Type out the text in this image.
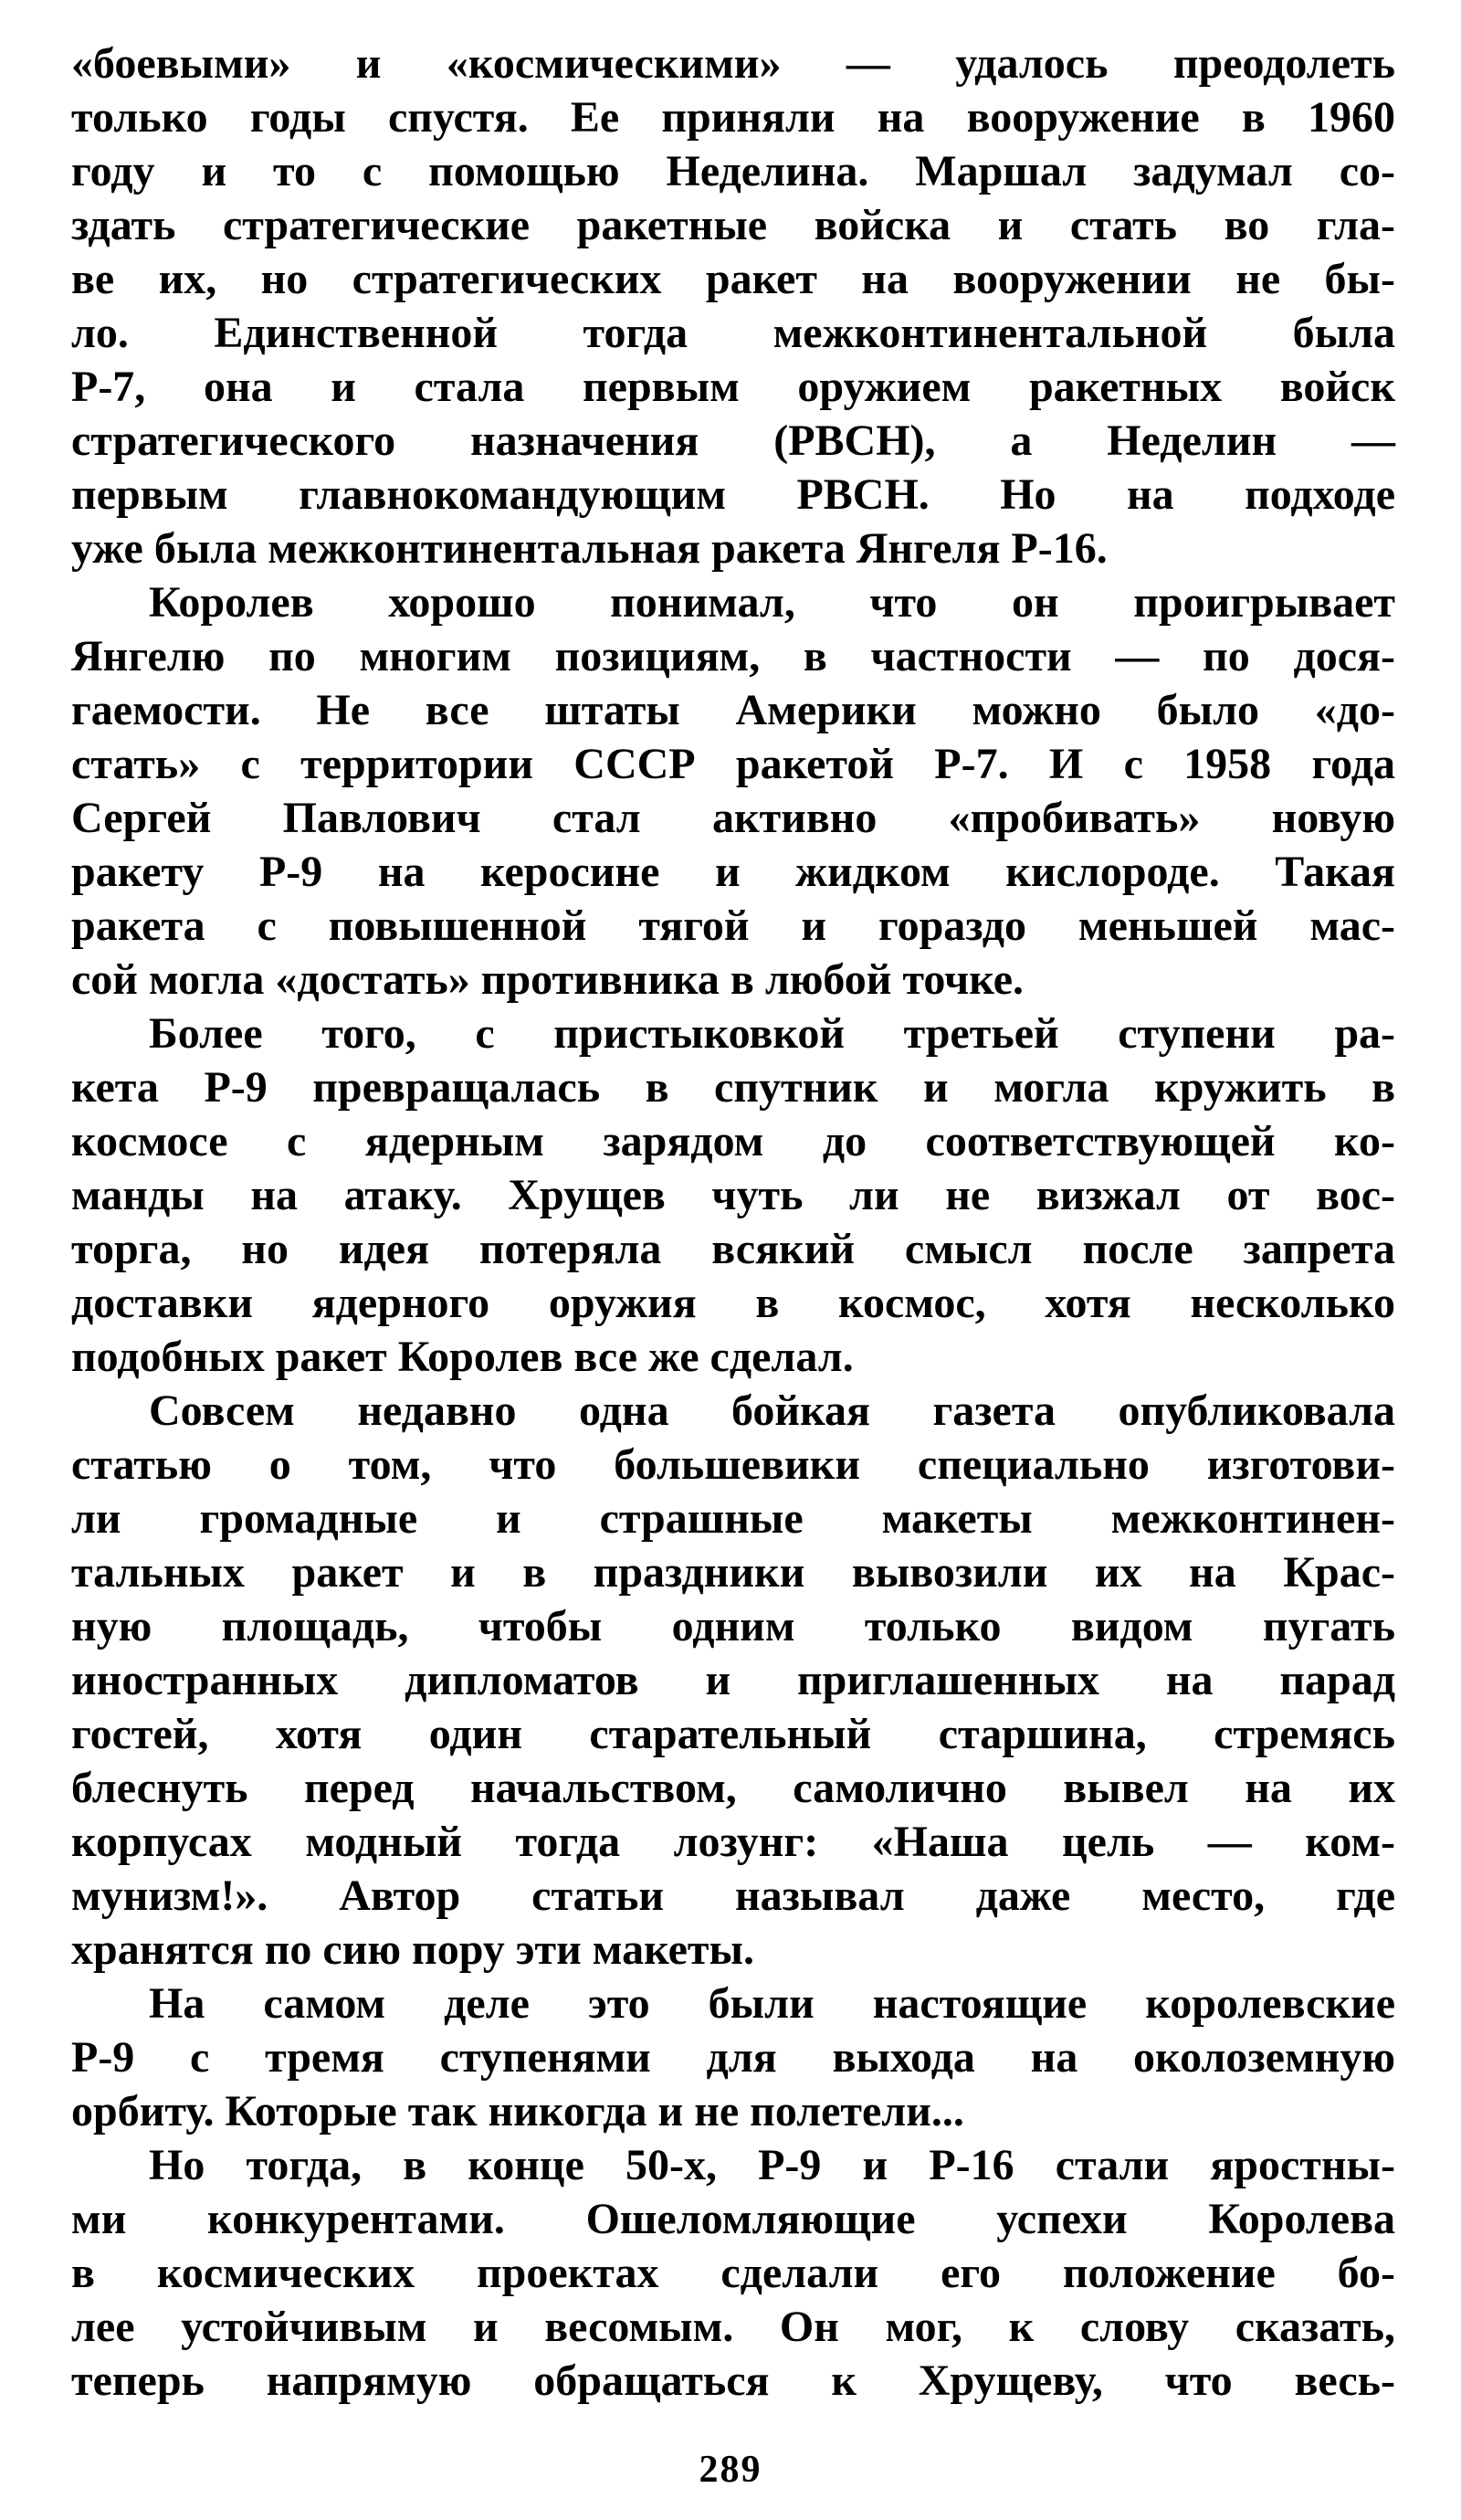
«боевыми» и «космическими» — удалось преодолеть
только годы спустя. Ее приняли на вооружение в 1960
году и то с помощью Неделина. Маршал задумал со-
здать стратегические ракетные войска и стать во гла-
ве их, но стратегических ракет на вооружении не бы-
ло. Единственной тогда межконтинентальной была
Р-7, она и стала первым оружием ракетных войск
стратегического назначения (РВСН), а Неделин —
первым главнокомандующим РВСН. Но на подходе
уже была межконтинентальная ракета Янгеля Р-16.
Королев хорошо понимал, что он проигрывает
Янгелю по многим позициям, в частности — по дося-
гаемости. Не все штаты Америки можно было «до-
стать» с территории СССР ракетой Р-7. И с 1958 года
Сергей Павлович стал активно «пробивать» новую
ракету Р-9 на керосине и жидком кислороде. Такая
ракета с повышенной тягой и гораздо меньшей мас-
сой могла «достать» противника в любой точке.
Более того, с пристыковкой третьей ступени ра-
кета Р-9 превращалась в спутник и могла кружить в
космосе с ядерным зарядом до соответствующей ко-
манды на атаку. Хрущев чуть ли не визжал от вос-
торга, но идея потеряла всякий смысл после запрета
доставки ядерного оружия в космос, хотя несколько
подобных ракет Королев все же сделал.
Совсем недавно одна бойкая газета опубликовала
статью о том, что большевики специально изготови-
ли громадные и страшные макеты межконтинен-
тальных ракет и в праздники вывозили их на Крас-
ную площадь, чтобы одним только видом пугать
иностранных дипломатов и приглашенных на парад
гостей, хотя один старательный старшина, стремясь
блеснуть перед начальством, самолично вывел на их
корпусах модный тогда лозунг: «Наша цель — ком-
мунизм!». Автор статьи называл даже место, где
хранятся по сию пору эти макеты.
На самом деле это были настоящие королевские
Р-9 с тремя ступенями для выхода на околоземную
орбиту. Которые так никогда и не полетели...
Но тогда, в конце 50-х, Р-9 и Р-16 стали яростны-
ми конкурентами. Ошеломляющие успехи Королева
в космических проектах сделали его положение бо-
лее устойчивым и весомым. Он мог, к слову сказать,
теперь напрямую обращаться к Хрущеву, что весь-
289
